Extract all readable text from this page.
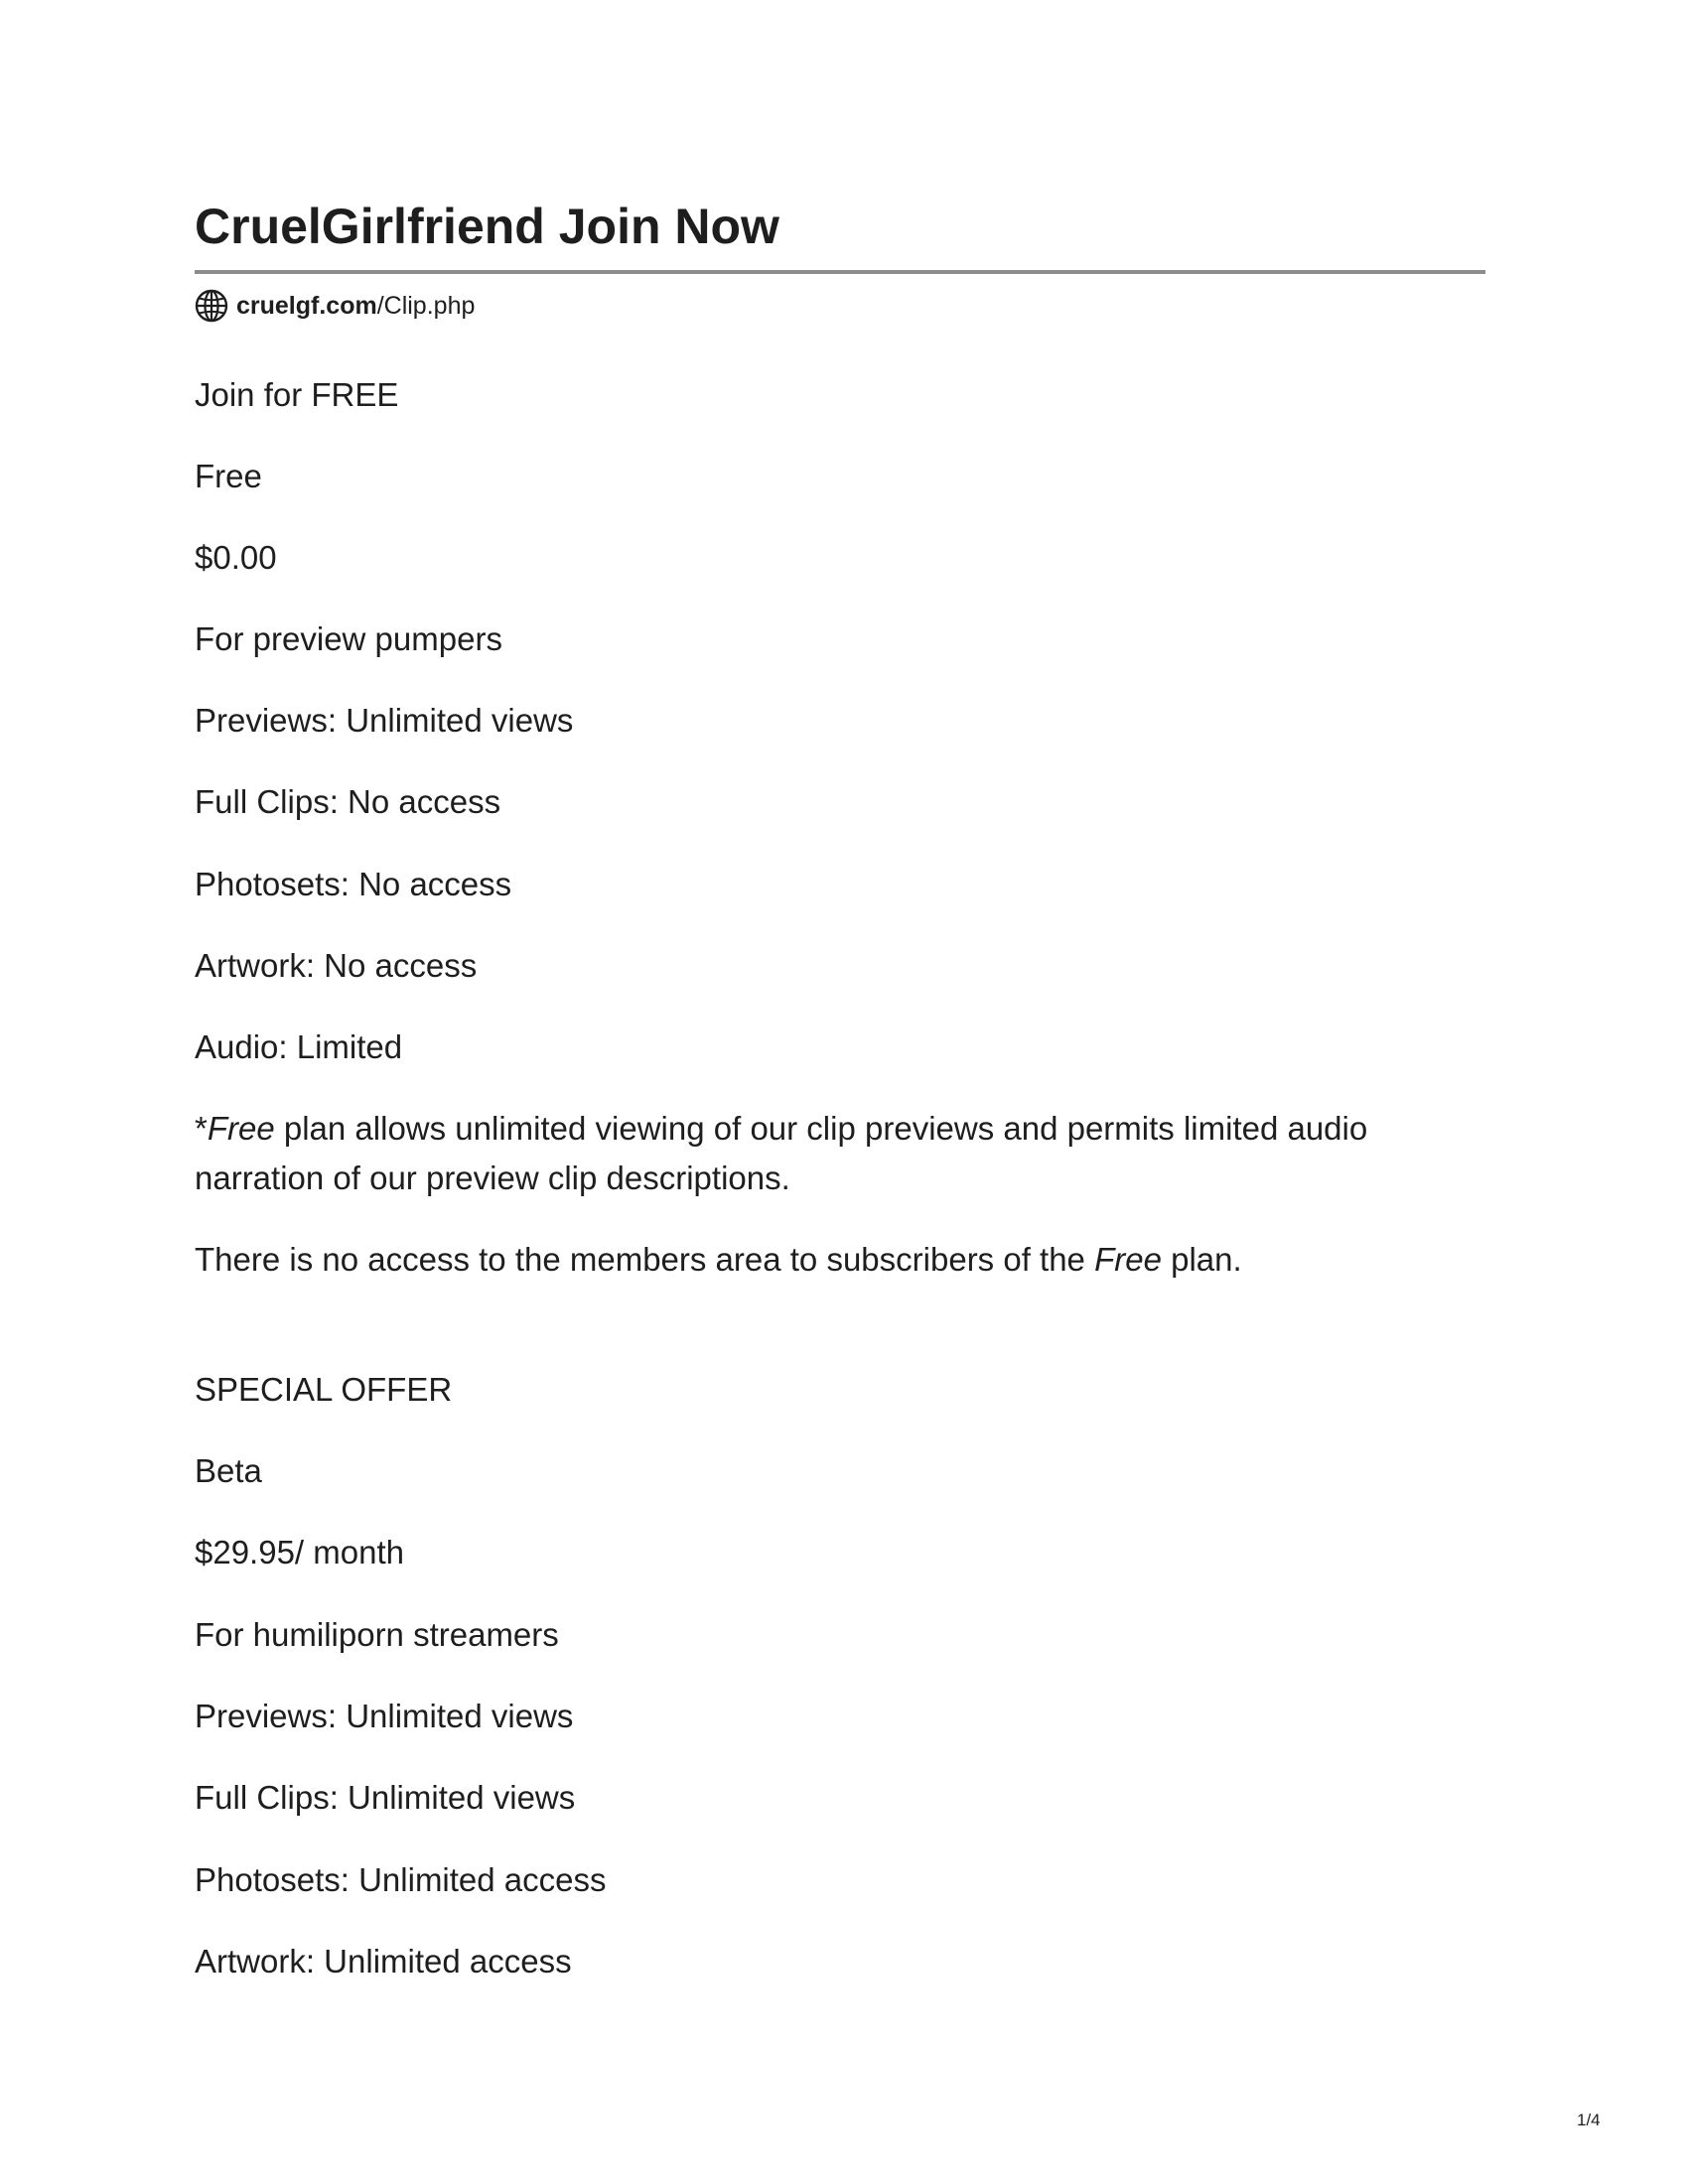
CruelGirlfriend Join Now
cruelgf.com /Clip.php

Join for FREE

Free

$0.00

For preview pumpers

Previews: Unlimited views

Full Clips: No access

Photosets: No access

Artwork: No access

Audio: Limited

*Free plan allows unlimited viewing of our clip previews and permits limited audio narration of our preview clip descriptions.

There is no access to the members area to subscribers of the Free plan.

SPECIAL OFFER

Beta

$29.95/ month

For humiliporn streamers

Previews: Unlimited views

Full Clips: Unlimited views

Photosets: Unlimited access

Artwork: Unlimited access

1/4
